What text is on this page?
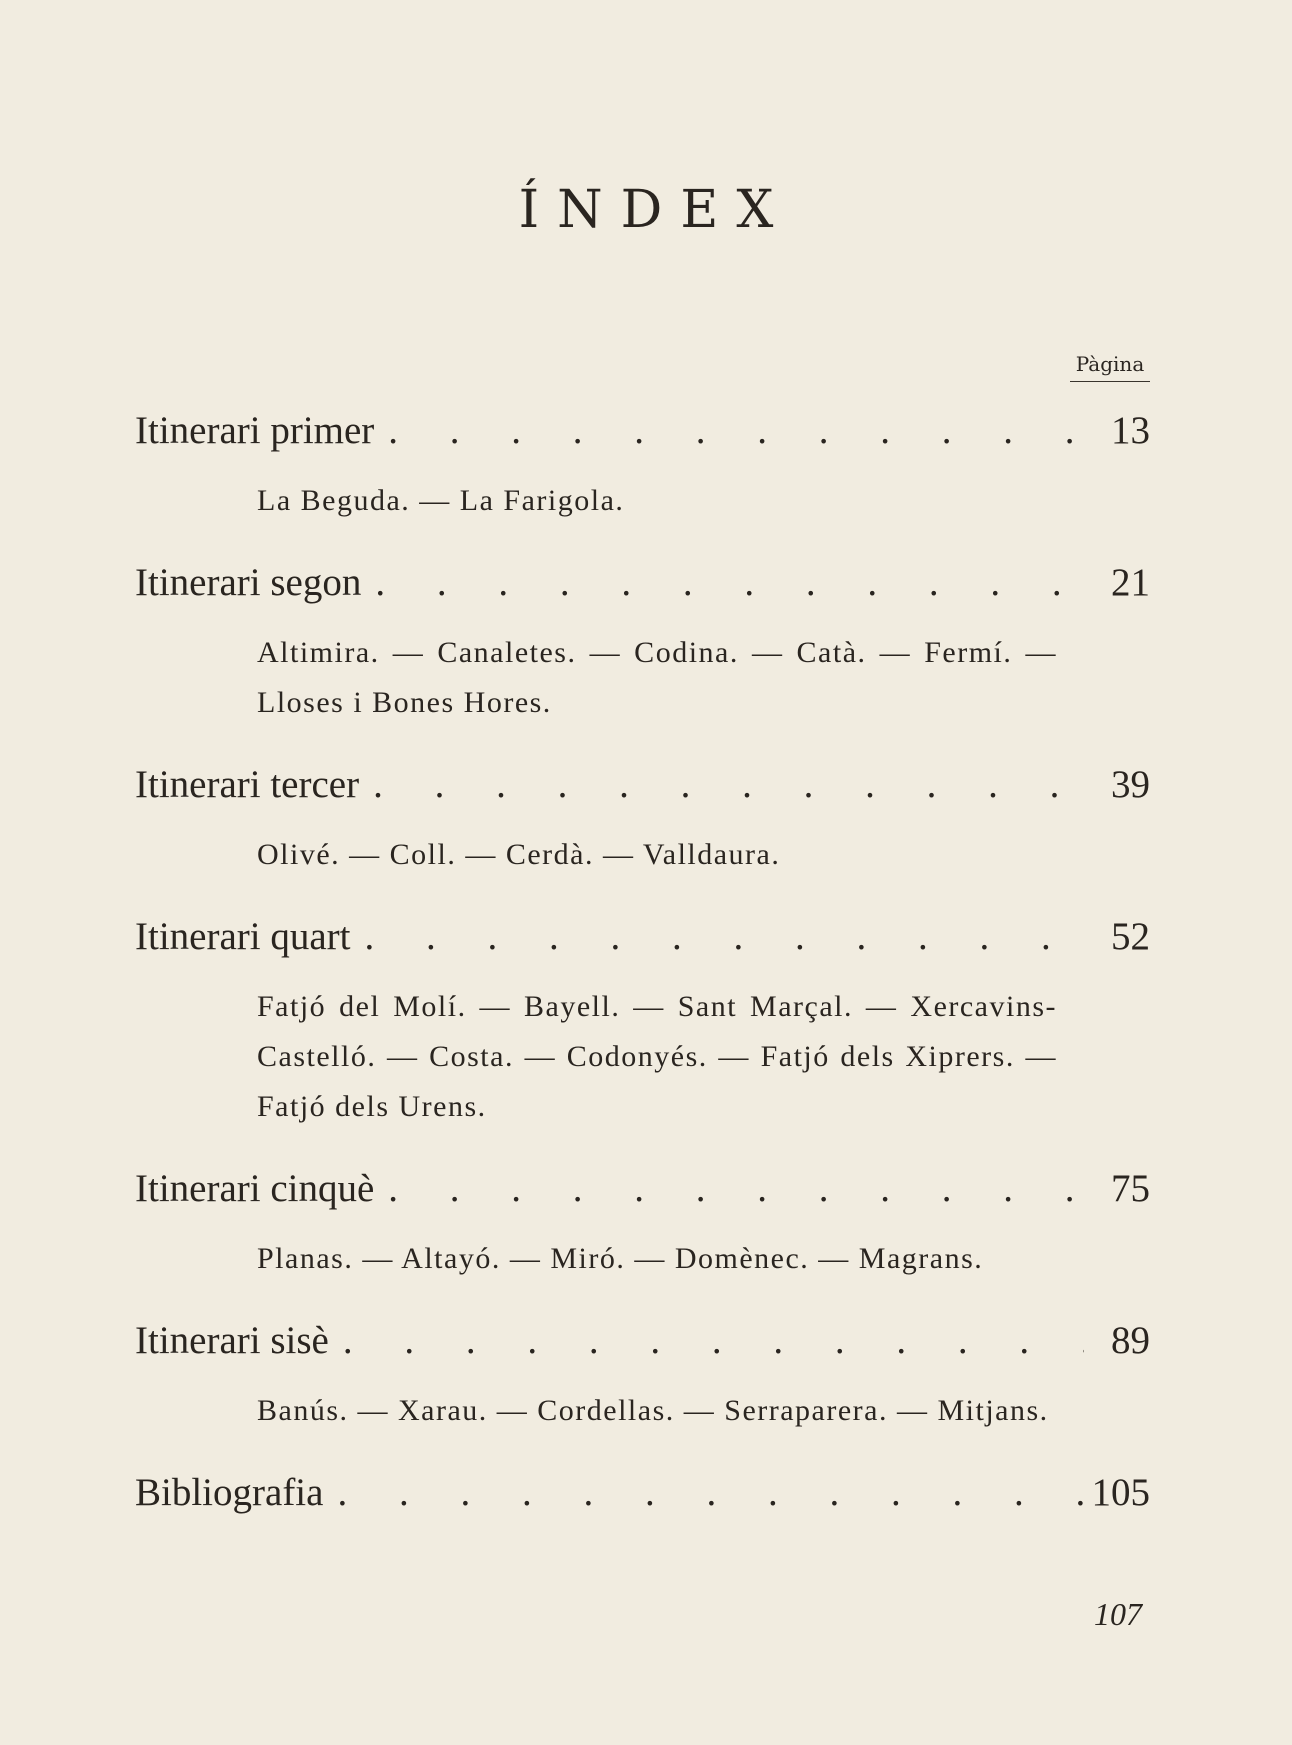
ÍNDEX
Pàgina
Itinerari primer . . .	13
La Beguda. — La Farigola.
Itinerari segon . . .	21
Altimira. — Canaletes. — Codina. — Catà. — Fermí. — Lloses i Bones Hores.
Itinerari tercer . . .	39
Olivé. — Coll. — Cerdà. — Valldaura.
Itinerari quart . . .	52
Fatjó del Molí. — Bayell. — Sant Marçal. — Xercavins-Castelló. — Costa. — Codonyés. — Fatjó dels Xiprers. — Fatjó dels Urens.
Itinerari cinquè . . .	75
Planas. — Altayó. — Miró. — Domènec. — Magrans.
Itinerari sisè . . .	89
Banús. — Xarau. — Cordellas. — Serraparera. — Mitjans.
Bibliografia . . .	105
107
